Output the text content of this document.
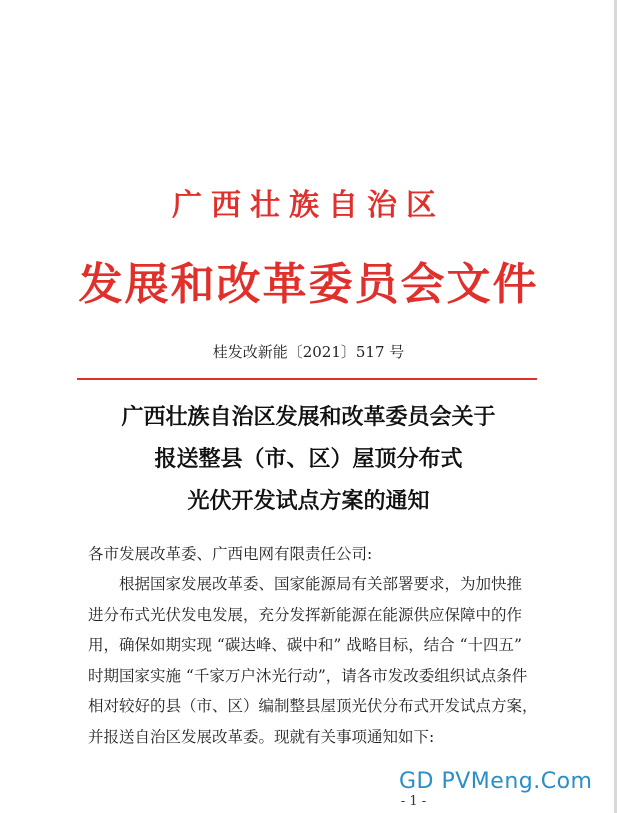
广西壮族自治区
发展和改革委员会文件
桂发改新能〔2021〕517 号
广西壮族自治区发展和改革委员会关于
报送整县（市、区）屋顶分布式
光伏开发试点方案的通知
各市发展改革委、广西电网有限责任公司:
根据国家发展改革委、国家能源局有关部署要求，为加快推
进分布式光伏发电发展，充分发挥新能源在能源供应保障中的作
用，确保如期实现 “碳达峰、碳中和” 战略目标，结合 “十四五”
时期国家实施 “千家万户沐光行动”，请各市发改委组织试点条件
相对较好的县（市、区）编制整县屋顶光伏分布式开发试点方案，
并报送自治区发展改革委。现就有关事项通知如下:
GD PVMeng.Com
- 1 -
